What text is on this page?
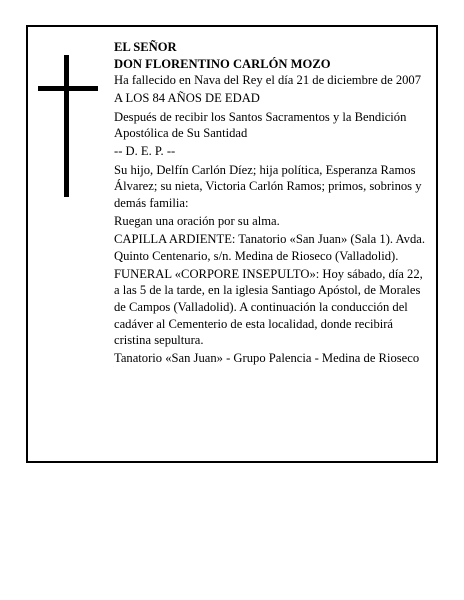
EL SEÑOR

DON FLORENTINO CARLÓN MOZO

Ha fallecido en Nava del Rey el día 21 de diciembre de 2007

A LOS 84 AÑOS DE EDAD

Después de recibir los Santos Sacramentos y la Bendición Apostólica de Su Santidad

-- D. E. P. --

Su hijo, Delfín Carlón Díez; hija política, Esperanza Ramos Álvarez; su nieta, Victoria Carlón Ramos; primos, sobrinos y demás familia:

Ruegan una oración por su alma.

CAPILLA ARDIENTE: Tanatorio «San Juan» (Sala 1). Avda. Quinto Centenario, s/n. Medina de Rioseco (Valladolid).

FUNERAL «CORPORE INSEPULTO»: Hoy sábado, día 22, a las 5 de la tarde, en la iglesia Santiago Apóstol, de Morales de Campos (Valladolid). A continuación la conducción del cadáver al Cementerio de esta localidad, donde recibirá cristina sepultura.

Tanatorio «San Juan» - Grupo Palencia - Medina de Rioseco
